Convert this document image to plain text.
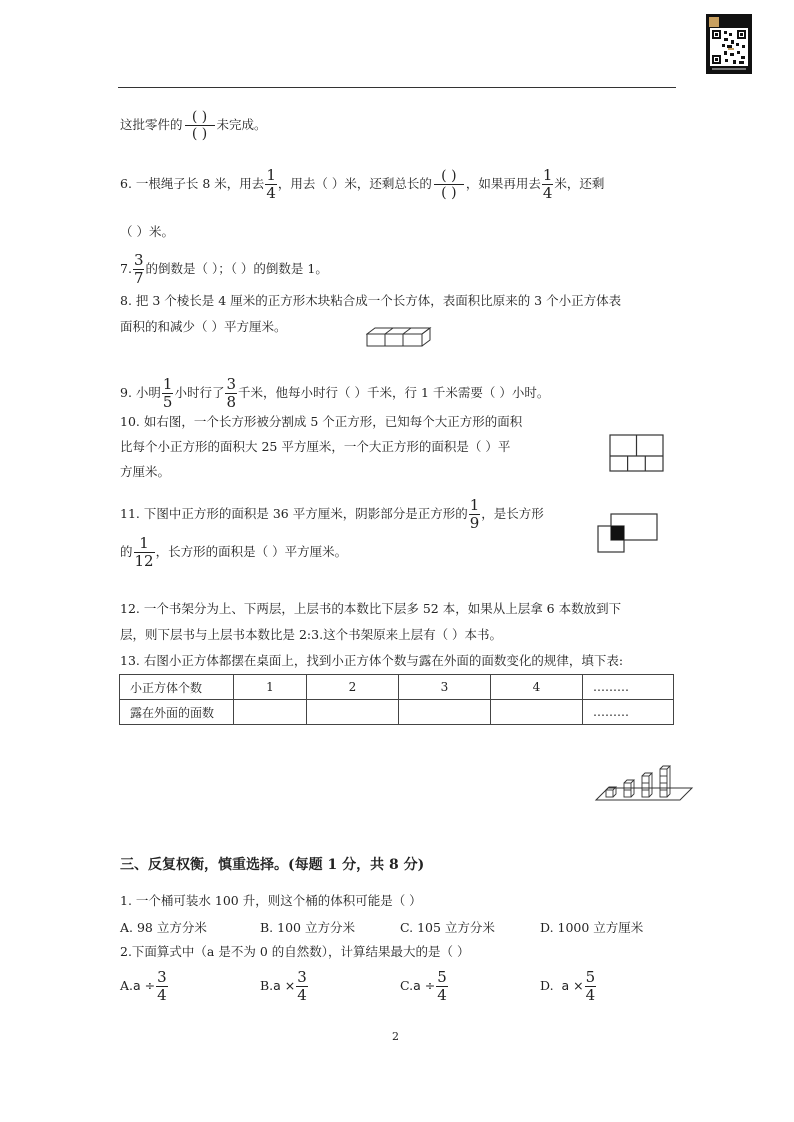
这批零件的 ( )
( )
未完成。
6. 一根绳子长 8 米，用去 $\frac{1}{4}$ ，用去（ ）米，还剩总长的 ( )
( )
，如果再用去 $\frac{1}{4}$ 米，还剩
（ ）米。
7. $\frac{3}{7}$ 的倒数是（ ）；（ ）的倒数是 1。
8. 把 3 个棱长是 4 厘米的正方形木块粘合成一个长方体，表面积比原来的 3 个小正方体表
面积的和减少（ ）平方厘米。
9. 小明 $\frac{1}{5}$ 小时行了 $\frac{3}{8}$ 千米，他每小时行（ ）千米，行 1 千米需要（ ）小时。
10. 如右图，一个长方形被分割成 5 个正方形，已知每个大正方形的面积
比每个小正方形的面积大 25 平方厘米，一个大正方形的面积是（ ）平
方厘米。
11. 下图中正方形的面积是 36 平方厘米，阴影部分是正方形的 $\frac{1}{9}$ ，是长方形
的 $\frac{1}{12}$ ，长方形的面积是（ ）平方厘米。
12. 一个书架分为上、下两层，上层书的本数比下层多 52 本，如果从上层拿 6 本数放到下
层，则下层书与上层书本数比是 2:3.这个书架原来上层有（ ）本书。
13. 右图小正方体都摆在桌面上，找到小正方体个数与露在外面的面数变化的规律，填下表:
小正方体个数	1	2	3	4	………
露在外面的面数					………
三、反复权衡，慎重选择。(每题 1 分，共 8 分)
1. 一个桶可装水 100 升，则这个桶的体积可能是（ ）
A. 98 立方分米	B. 100 立方分米	C. 105 立方分米	D. 1000 立方厘米
2.下面算式中（a 是不为 0 的自然数），计算结果最大的是（ ）
$A.a \div \frac{3}{4}$	$B.a \times \frac{3}{4}$	$C.a \div \frac{5}{4}$	D. $a \times \frac{5}{4}$
2
